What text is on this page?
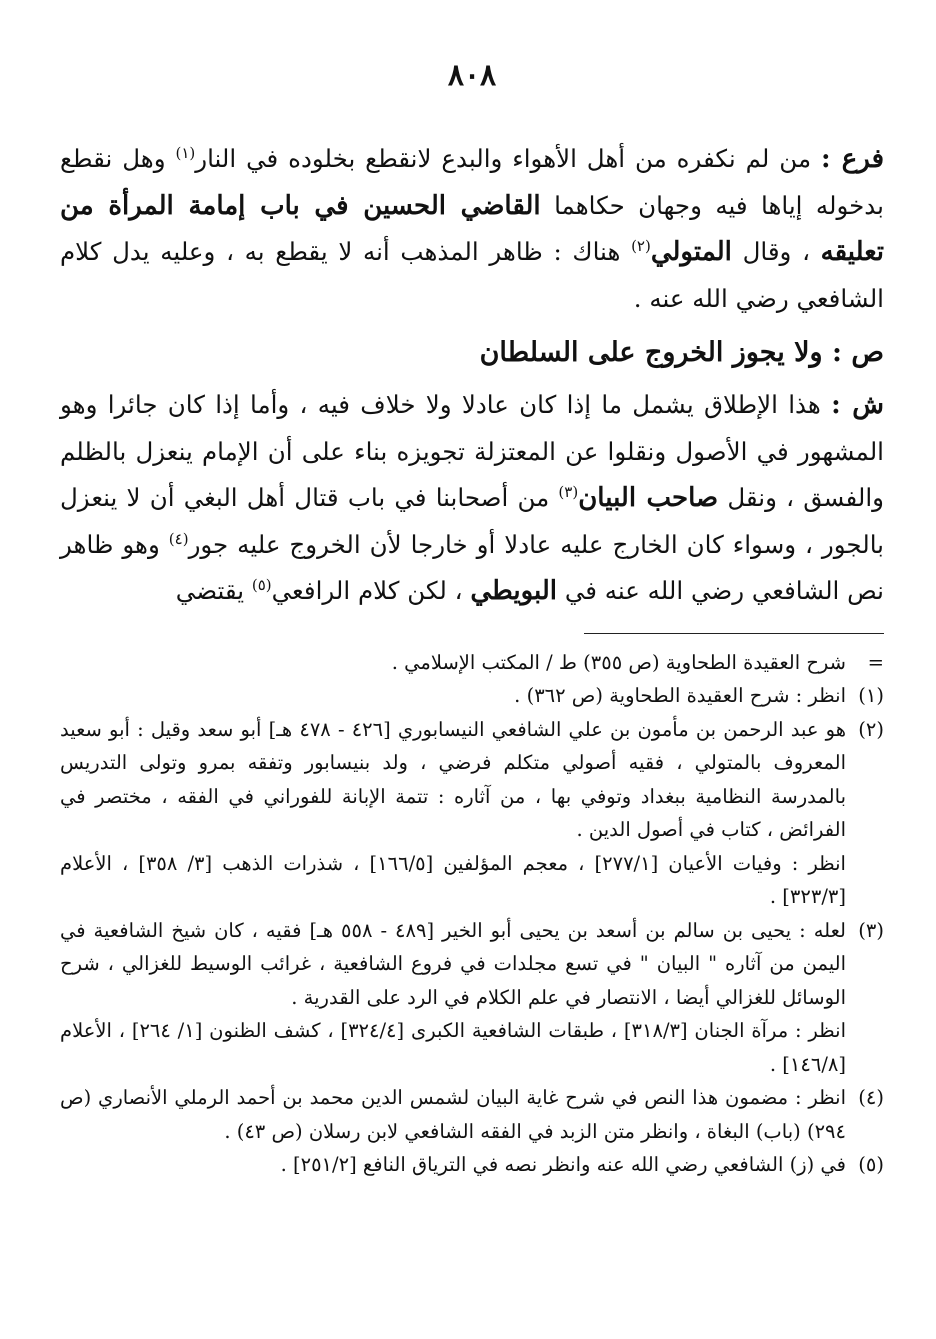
٨٠٨

فرع : من لم نكفره من أهل الأهواء والبدع لانقطع بخلوده في النار$^{(١)}$ وهل نقطع بدخوله إياها فيه وجهان حكاهما القاضي الحسين في باب إمامة المرأة من تعليقه ، وقال المتولي$^{(٢)}$ هناك : ظاهر المذهب أنه لا يقطع به ، وعليه يدل كلام الشافعي رضي الله عنه .

ص : ولا يجوز الخروج على السلطان

ش : هذا الإطلاق يشمل ما إذا كان عادلا ولا خلاف فيه ، وأما إذا كان جائرا وهو المشهور في الأصول ونقلوا عن المعتزلة تجويزه بناء على أن الإمام ينعزل بالظلم والفسق ، ونقل صاحب البيان$^{(٣)}$ من أصحابنا في باب قتال أهل البغي أن لا ينعزل بالجور ، وسواء كان الخارج عليه عادلا أو خارجا لأن الخروج عليه جور$^{(٤)}$ وهو ظاهر نص الشافعي رضي الله عنه في البويطي ، لكن كلام الرافعي$^{(٥)}$ يقتضي

=
شرح العقيدة الطحاوية (ص ٣٥٥) ط / المكتب الإسلامي .
(١)
انظر : شرح العقيدة الطحاوية (ص ٣٦٢) .
(٢)
هو عبد الرحمن بن مأمون بن علي الشافعي النيسابوري [٤٢٦ - ٤٧٨ هـ] أبو سعد وقيل : أبو سعيد المعروف بالمتولي ، فقيه أصولي متكلم فرضي ، ولد بنيسابور وتفقه بمرو وتولى التدريس بالمدرسة النظامية ببغداد وتوفي بها ، من آثاره : تتمة الإبانة للفوراني في الفقه ، مختصر في الفرائض ، كتاب في أصول الدين .
انظر : وفيات الأعيان [٢٧٧/١] ، معجم المؤلفين [١٦٦/٥] ، شذرات الذهب [٣/ ٣٥٨] ، الأعلام [٣٢٣/٣] .
(٣)
لعله : يحيى بن سالم بن أسعد بن يحيى أبو الخير [٤٨٩ - ٥٥٨ هـ] فقيه ، كان شيخ الشافعية في اليمن من آثاره " البيان " في تسع مجلدات في فروع الشافعية ، غرائب الوسيط للغزالي ، شرح الوسائل للغزالي أيضا ، الانتصار في علم الكلام في الرد على القدرية .
انظر : مرآة الجنان [٣١٨/٣] ، طبقات الشافعية الكبرى [٣٢٤/٤] ، كشف الظنون [١/ ٢٦٤] ، الأعلام [١٤٦/٨] .
(٤)
انظر : مضمون هذا النص في شرح غاية البيان لشمس الدين محمد بن أحمد الرملي الأنصاري (ص ٢٩٤) (باب) البغاة ، وانظر متن الزبد في الفقه الشافعي لابن رسلان (ص ٤٣) .
(٥)
في (ز) الشافعي رضي الله عنه وانظر نصه في الترياق النافع [٢٥١/٢] .
